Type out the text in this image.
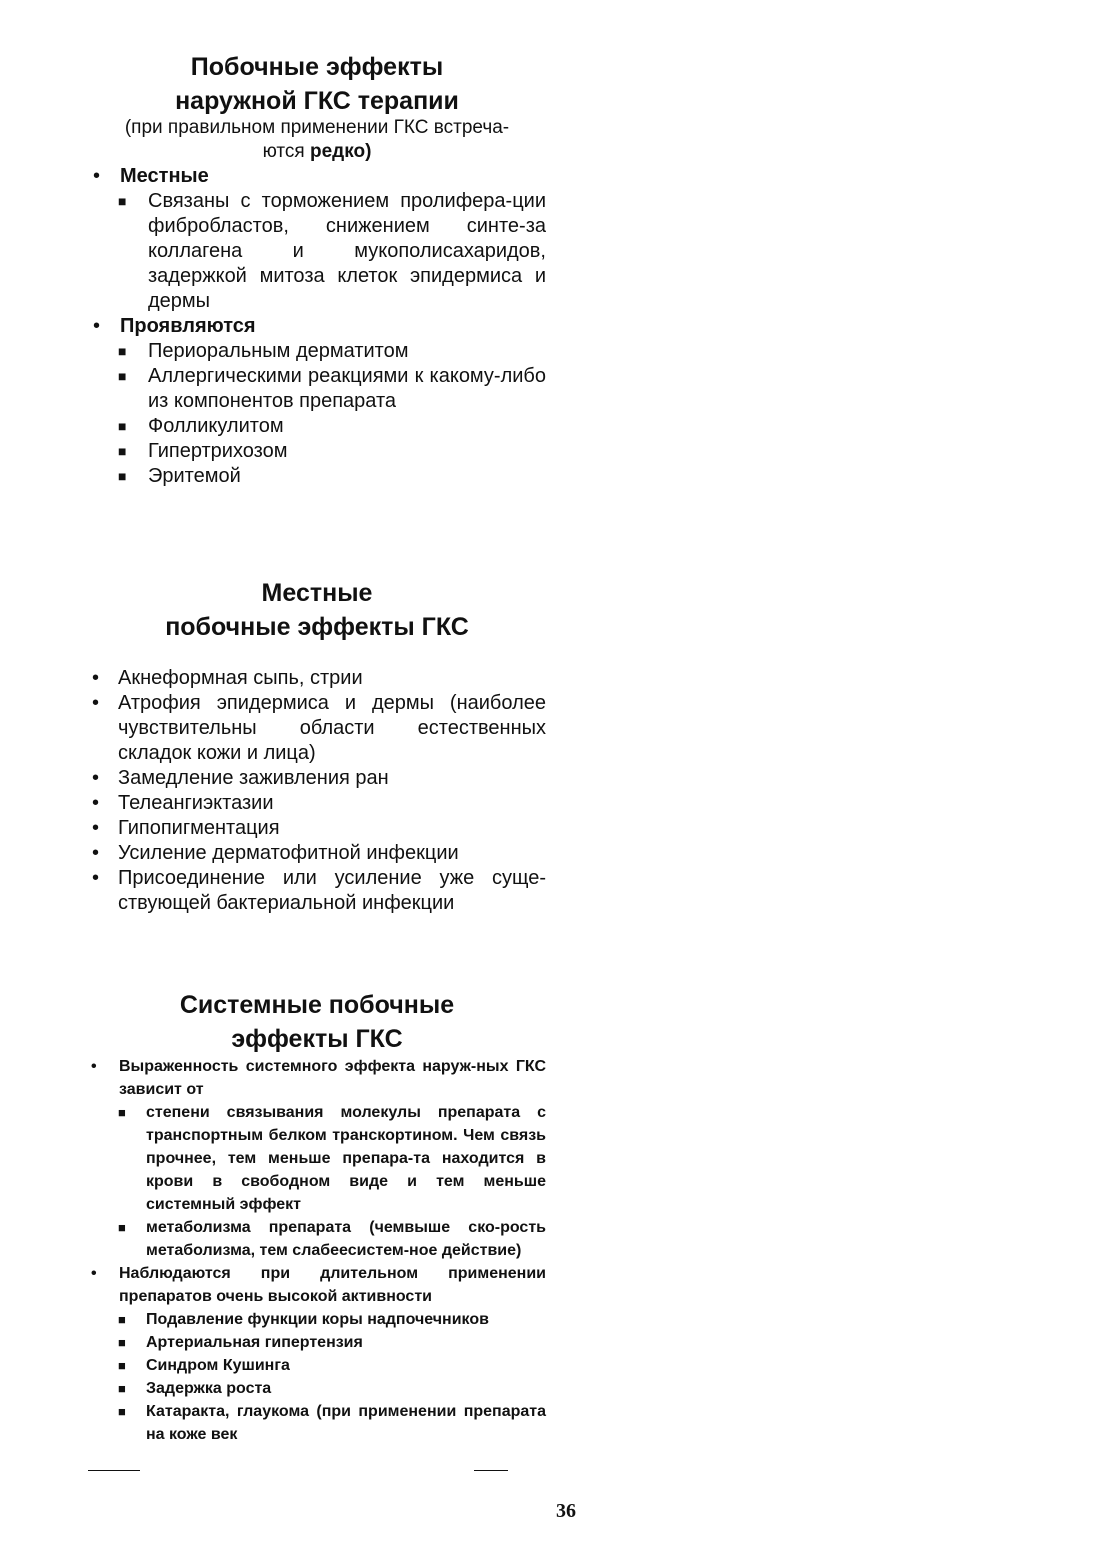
Побочные эффекты
наружной ГКС терапии
(при правильном применении ГКС встреча-
ются редко)
• Местные
■ Связаны с торможением пролифера-ции фибробластов, снижением синте-за коллагена и мукополисахаридов, задержкой митоза клеток эпидермиса и дермы
• Проявляются
■ Периоральным дерматитом
■ Аллергическими реакциями к какому-либо из компонентов препарата
■ Фолликулитом
■ Гипертрихозом
■ Эритемой
Местные
побочные эффекты ГКС
• Акнеформная сыпь, стрии
• Атрофия эпидермиса и дермы (наиболее чувствительны области естественных складок кожи и лица)
• Замедление заживления ран
• Телеангиэктазии
• Гипопигментация
• Усиление дерматофитной инфекции
• Присоединение или усиление уже суще-ствующей бактериальной инфекции
Системные побочные
эффекты ГКС
• Выраженность системного эффекта наруж-ных ГКС зависит от
■ степени связывания молекулы препарата с транспортным белком транскортином. Чем связь прочнее, тем меньше препара-та находится в крови в свободном виде и тем меньше системный эффект
■ метаболизма препарата (чемвыше ско-рость метаболизма, тем слабеесистем-ное действие)
• Наблюдаются при длительном применении препаратов очень высокой активности
■ Подавление функции коры надпочечников
■ Артериальная гипертензия
■ Синдром Кушинга
■ Задержка роста
■ Катаракта, глаукома (при применении препарата на коже век
36
